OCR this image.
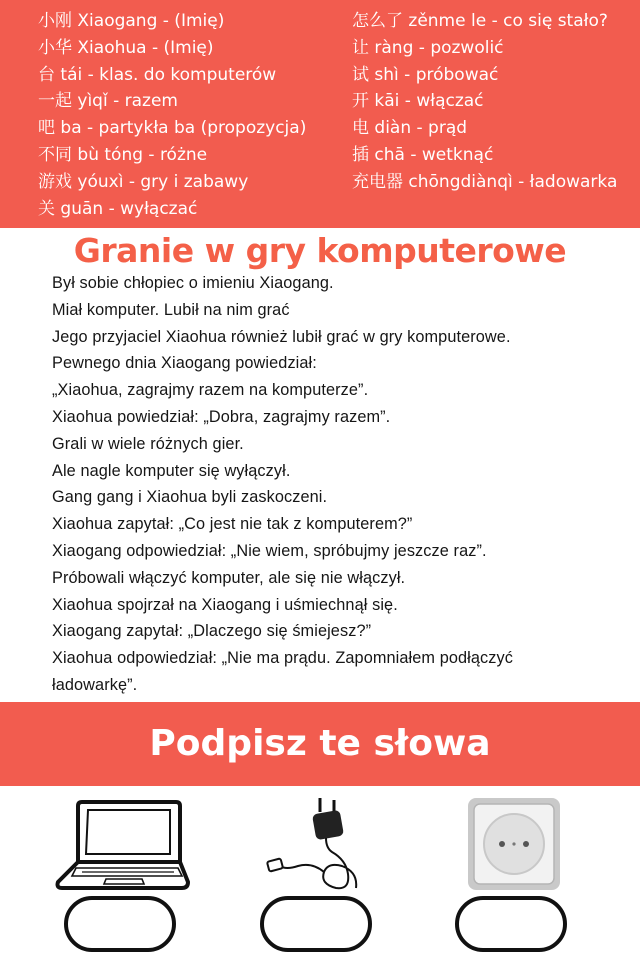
小刚 Xiaogang - (Imię)
小华 Xiaohua - (Imię)
台 tái - klas. do komputerów
一起 yìqǐ - razem
吧 ba - partykła ba (propozycja)
不同 bù tóng - różne
游戏 yóuxì - gry i zabawy
关 guān - wyłączać
怎么了 zěnme le - co się stało?
让 ràng - pozwolić
试 shì - próbować
开 kāi - włączać
电 diàn - prąd
插 chā - wetknąć
充电器 chōngdiànqì - ładowarka
Granie w gry komputerowe
Był sobie chłopiec o imieniu Xiaogang.
Miał komputer. Lubił na nim grać
Jego przyjaciel Xiaohua również lubił grać w gry komputerowe.
Pewnego dnia Xiaogang powiedział:
„Xiaohua, zagrajmy razem na komputerze”.
Xiaohua powiedział: „Dobra, zagrajmy razem”.
Grali w wiele różnych gier.
Ale nagle komputer się wyłączył.
Gang gang i Xiaohua byli zaskoczeni.
Xiaohua zapytał: „Co jest nie tak z komputerem?”
Xiaogang odpowiedział: „Nie wiem, spróbujmy jeszcze raz”.
Próbowali włączyć komputer, ale się nie włączył.
Xiaohua spojrzał na Xiaogang i uśmiechnął się.
Xiaogang zapytał: „Dlaczego się śmiejesz?”
Xiaohua odpowiedział: „Nie ma prądu. Zapomniałem podłączyć
ładowarkę”.
Podpisz te słowa
